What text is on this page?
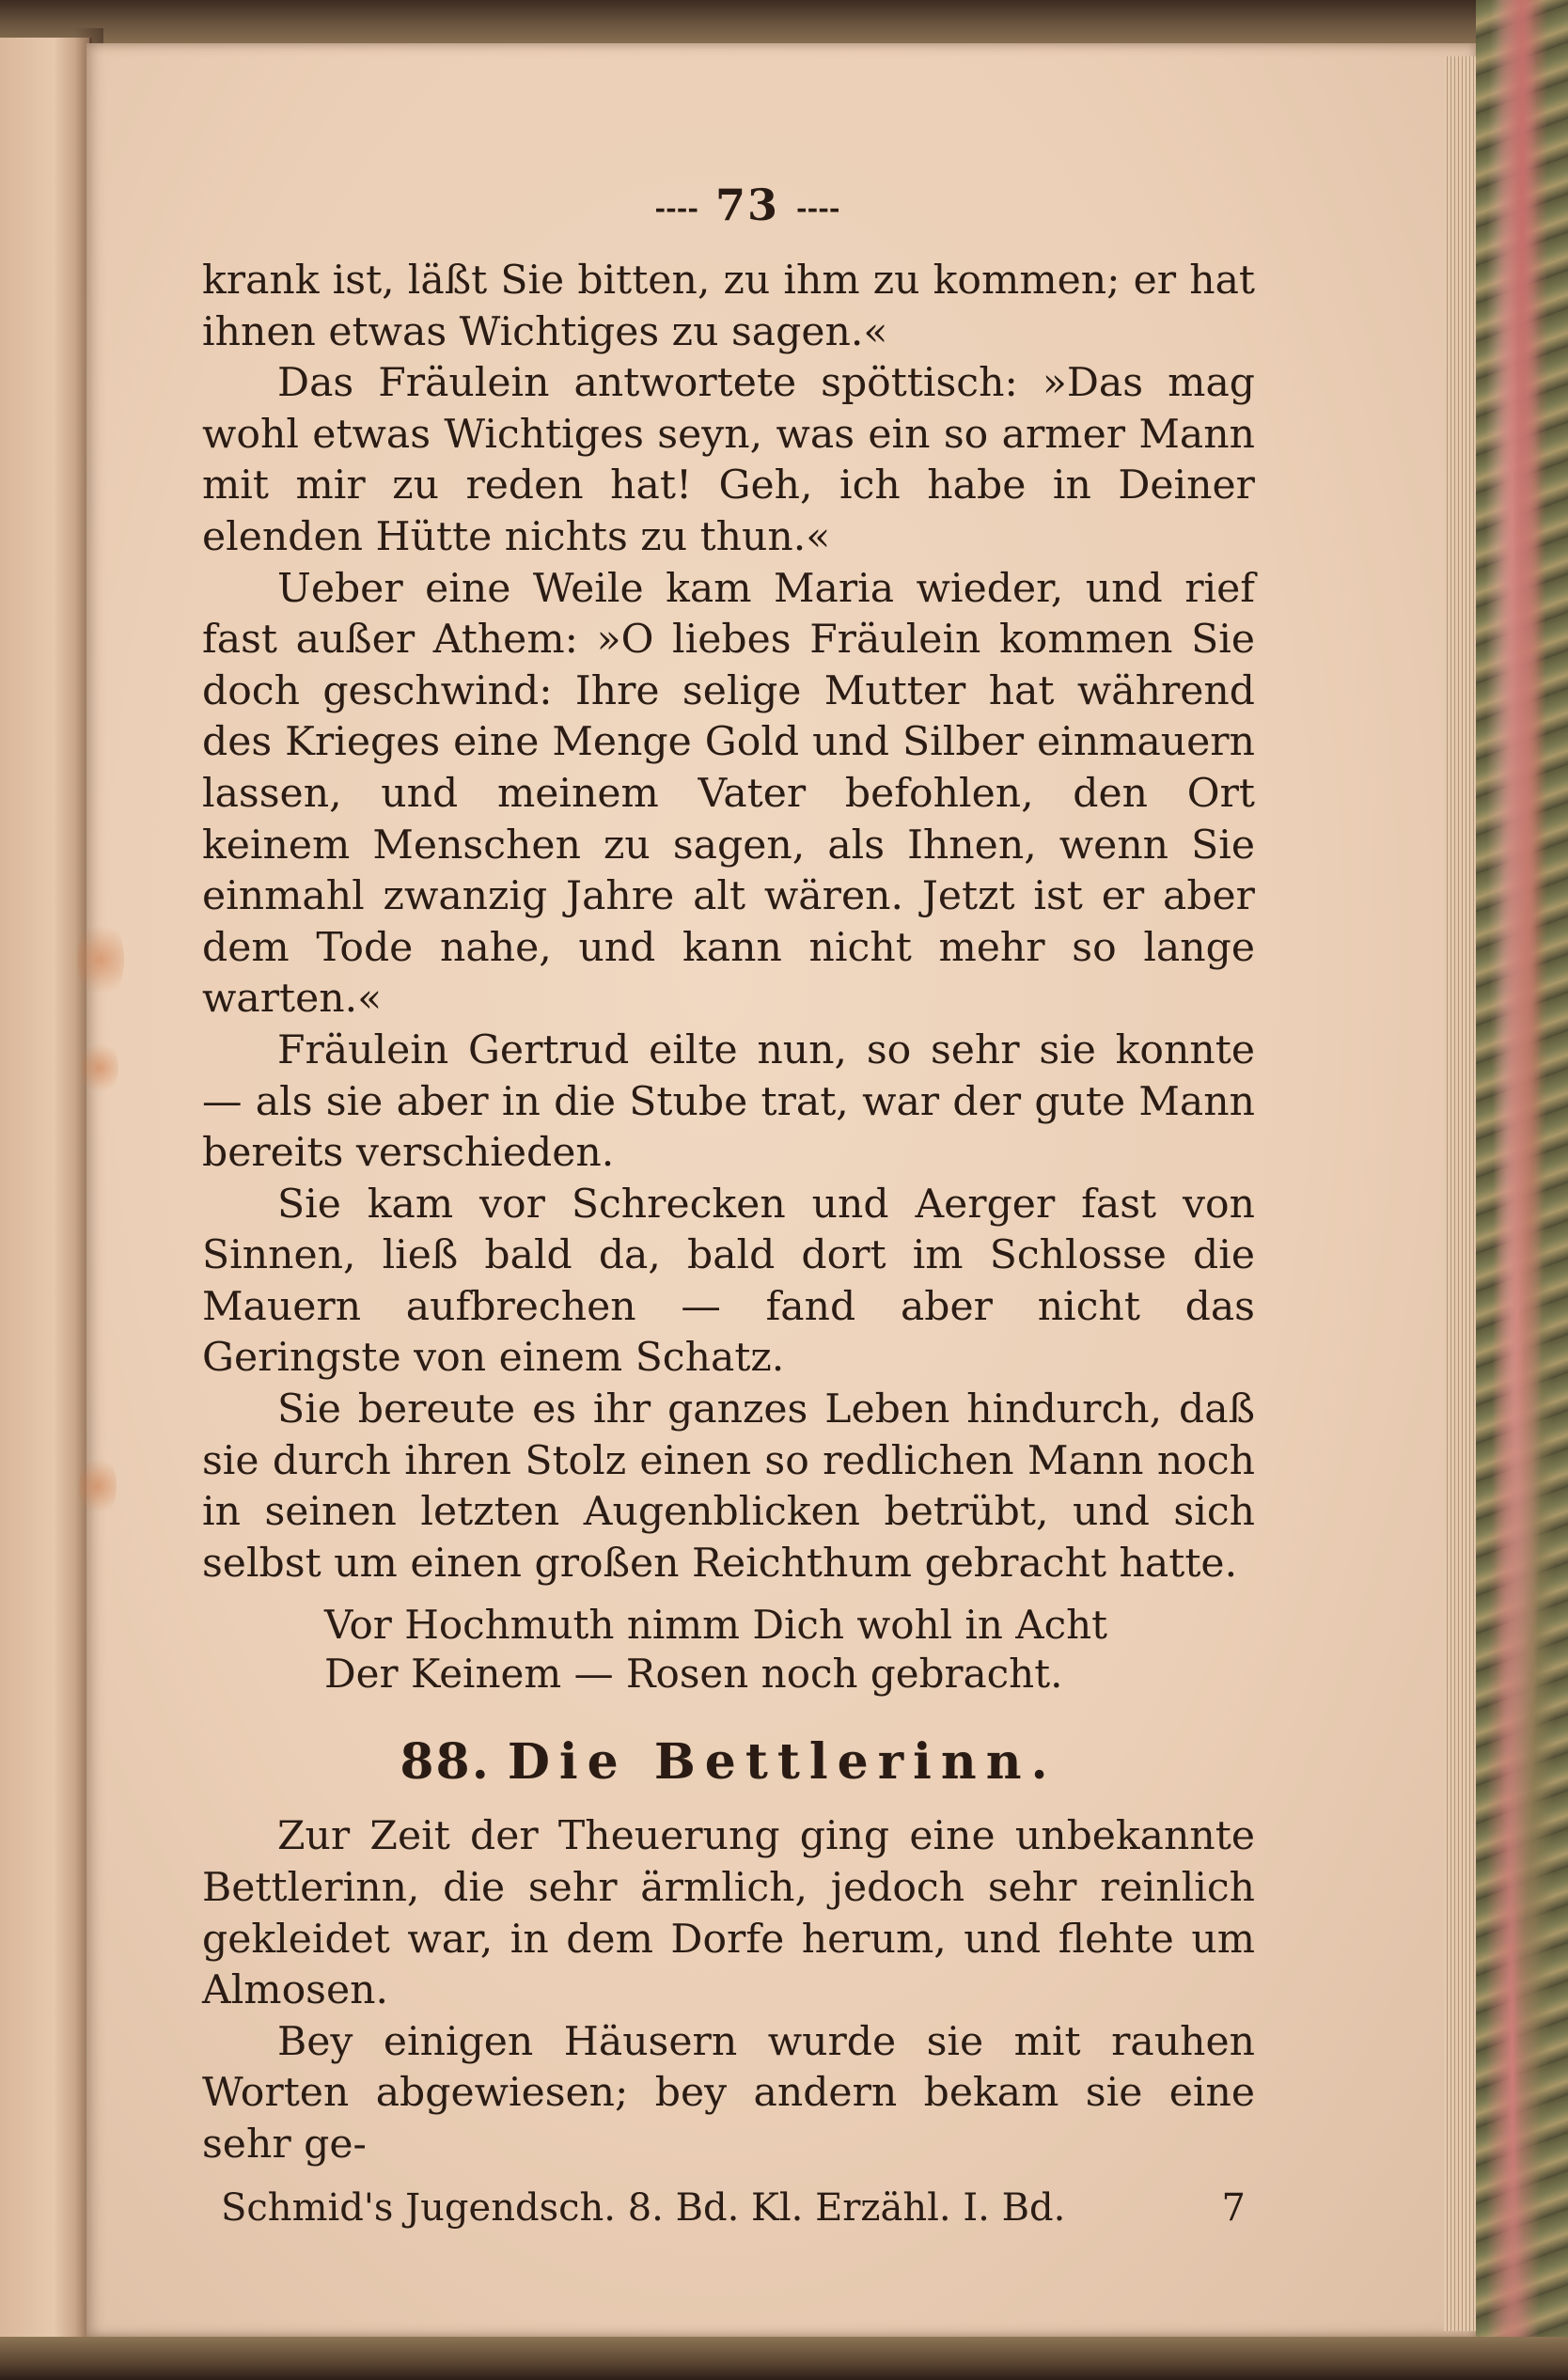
---- 73 ----

krank ist, läßt Sie bitten, zu ihm zu kommen; er hat ihnen etwas Wichtiges zu sagen.«

Das Fräulein antwortete spöttisch: »Das mag wohl etwas Wichtiges seyn, was ein so armer Mann mit mir zu reden hat! Geh, ich habe in Deiner elenden Hütte nichts zu thun.«

Ueber eine Weile kam Maria wieder, und rief fast außer Athem: »O liebes Fräulein kommen Sie doch geschwind: Ihre selige Mutter hat während des Krieges eine Menge Gold und Silber einmauern lassen, und meinem Vater befohlen, den Ort keinem Menschen zu sagen, als Ihnen, wenn Sie einmahl zwanzig Jahre alt wären. Jetzt ist er aber dem Tode nahe, und kann nicht mehr so lange warten.«

Fräulein Gertrud eilte nun, so sehr sie konnte — als sie aber in die Stube trat, war der gute Mann bereits verschieden.

Sie kam vor Schrecken und Aerger fast von Sinnen, ließ bald da, bald dort im Schlosse die Mauern aufbrechen — fand aber nicht das Geringste von einem Schatz.

Sie bereute es ihr ganzes Leben hindurch, daß sie durch ihren Stolz einen so redlichen Mann noch in seinen letzten Augenblicken betrübt, und sich selbst um einen großen Reichthum gebracht hatte.

Vor Hochmuth nimm Dich wohl in Acht
Der Keinem — Rosen noch gebracht.
88. Die Bettlerinn.

Zur Zeit der Theuerung ging eine unbekannte Bettlerinn, die sehr ärmlich, jedoch sehr reinlich gekleidet war, in dem Dorfe herum, und flehte um Almosen.

Bey einigen Häusern wurde sie mit rauhen Worten abgewiesen; bey andern bekam sie eine sehr ge-

Schmid's Jugendsch. 8. Bd. Kl. Erzähl. I. Bd.	7
